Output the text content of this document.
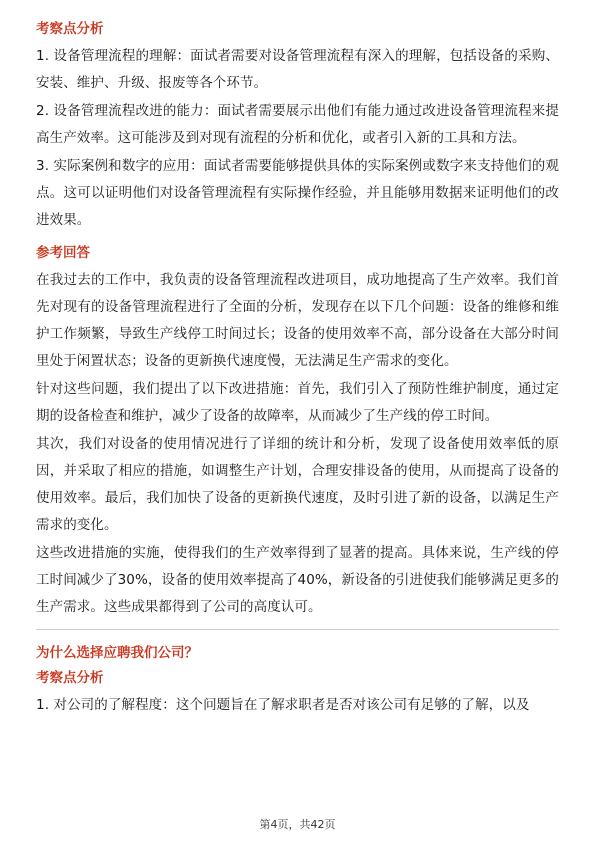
考察点分析
1. 设备管理流程的理解：面试者需要对设备管理流程有深入的理解，包括设备的采购、安装、维护、升级、报废等各个环节。
2. 设备管理流程改进的能力：面试者需要展示出他们有能力通过改进设备管理流程来提高生产效率。这可能涉及到对现有流程的分析和优化，或者引入新的工具和方法。
3. 实际案例和数字的应用：面试者需要能够提供具体的实际案例或数字来支持他们的观点。这可以证明他们对设备管理流程有实际操作经验，并且能够用数据来证明他们的改进效果。
参考回答
在我过去的工作中，我负责的设备管理流程改进项目，成功地提高了生产效率。我们首先对现有的设备管理流程进行了全面的分析，发现存在以下几个问题：设备的维修和维护工作频繁，导致生产线停工时间过长；设备的使用效率不高，部分设备在大部分时间里处于闲置状态；设备的更新换代速度慢，无法满足生产需求的变化。
针对这些问题，我们提出了以下改进措施：首先，我们引入了预防性维护制度，通过定期的设备检查和维护，减少了设备的故障率，从而减少了生产线的停工时间。
其次，我们对设备的使用情况进行了详细的统计和分析，发现了设备使用效率低的原因，并采取了相应的措施，如调整生产计划，合理安排设备的使用，从而提高了设备的使用效率。最后，我们加快了设备的更新换代速度，及时引进了新的设备，以满足生产需求的变化。
这些改进措施的实施，使得我们的生产效率得到了显著的提高。具体来说，生产线的停工时间减少了30%，设备的使用效率提高了40%，新设备的引进使我们能够满足更多的生产需求。这些成果都得到了公司的高度认可。
为什么选择应聘我们公司？
考察点分析
1. 对公司的了解程度：这个问题旨在了解求职者是否对该公司有足够的了解，以及
第4页，共42页
